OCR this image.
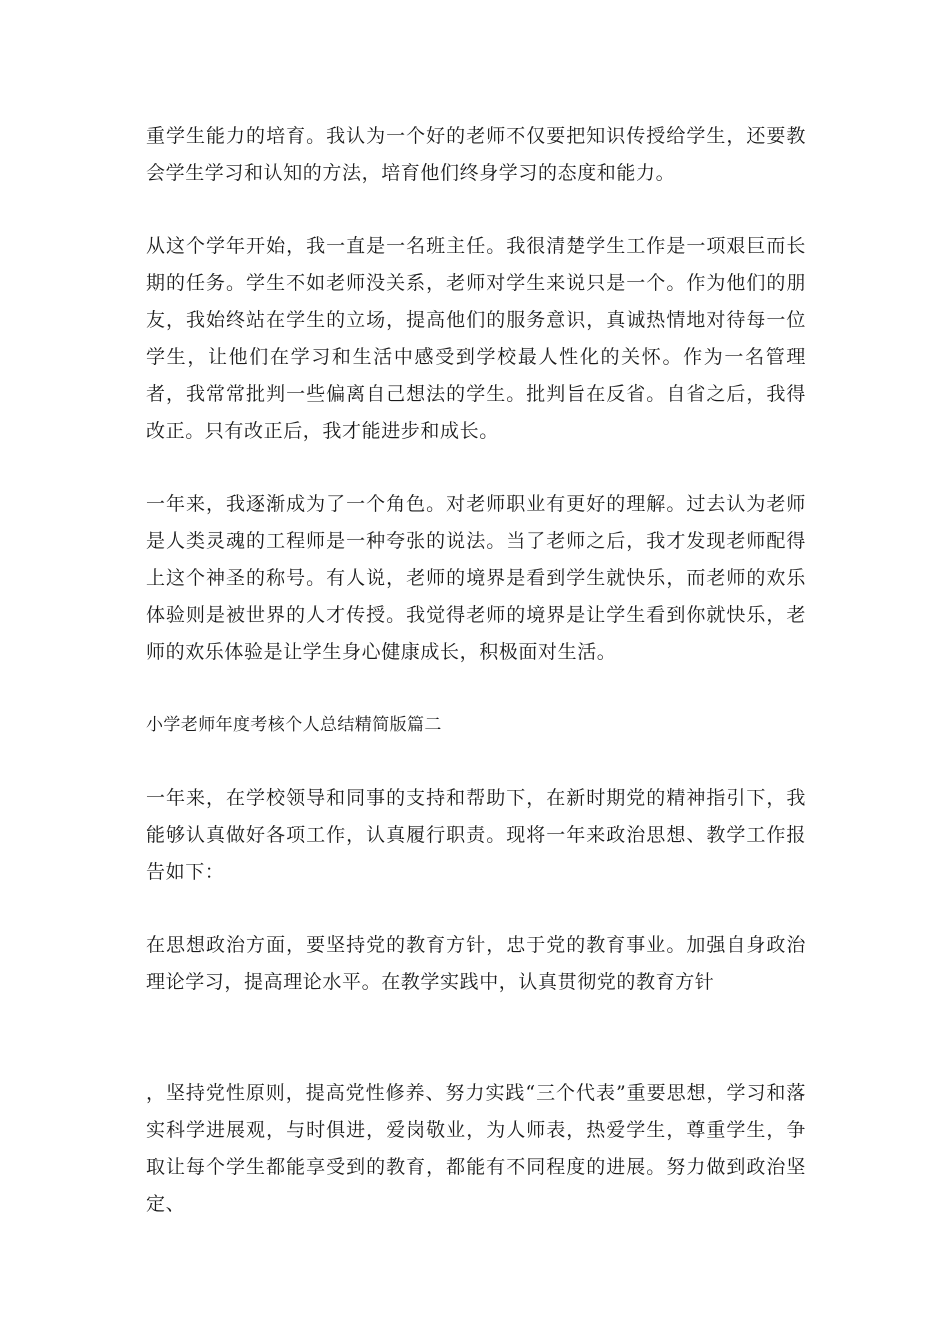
重学生能力的培育。我认为一个好的老师不仅要把知识传授给学生，还要教会学生学习和认知的方法，培育他们终身学习的态度和能力。

从这个学年开始，我一直是一名班主任。我很清楚学生工作是一项艰巨而长期的任务。学生不如老师没关系，老师对学生来说只是一个。作为他们的朋友，我始终站在学生的立场，提高他们的服务意识，真诚热情地对待每一位学生，让他们在学习和生活中感受到学校最人性化的关怀。作为一名管理者，我常常批判一些偏离自己想法的学生。批判旨在反省。自省之后，我得改正。只有改正后，我才能进步和成长。

一年来，我逐渐成为了一个角色。对老师职业有更好的理解。过去认为老师是人类灵魂的工程师是一种夸张的说法。当了老师之后，我才发现老师配得上这个神圣的称号。有人说，老师的境界是看到学生就快乐，而老师的欢乐体验则是被世界的人才传授。我觉得老师的境界是让学生看到你就快乐，老师的欢乐体验是让学生身心健康成长，积极面对生活。

小学老师年度考核个人总结精简版篇二

一年来，在学校领导和同事的支持和帮助下，在新时期党的精神指引下，我能够认真做好各项工作，认真履行职责。现将一年来政治思想、教学工作报告如下：

在思想政治方面，要坚持党的教育方针，忠于党的教育事业。加强自身政治理论学习，提高理论水平。在教学实践中，认真贯彻党的教育方针

，坚持党性原则，提高党性修养、努力实践“三个代表”重要思想，学习和落实科学进展观，与时俱进，爱岗敬业，为人师表，热爱学生，尊重学生，争取让每个学生都能享受到的教育，都能有不同程度的进展。努力做到政治坚定、
